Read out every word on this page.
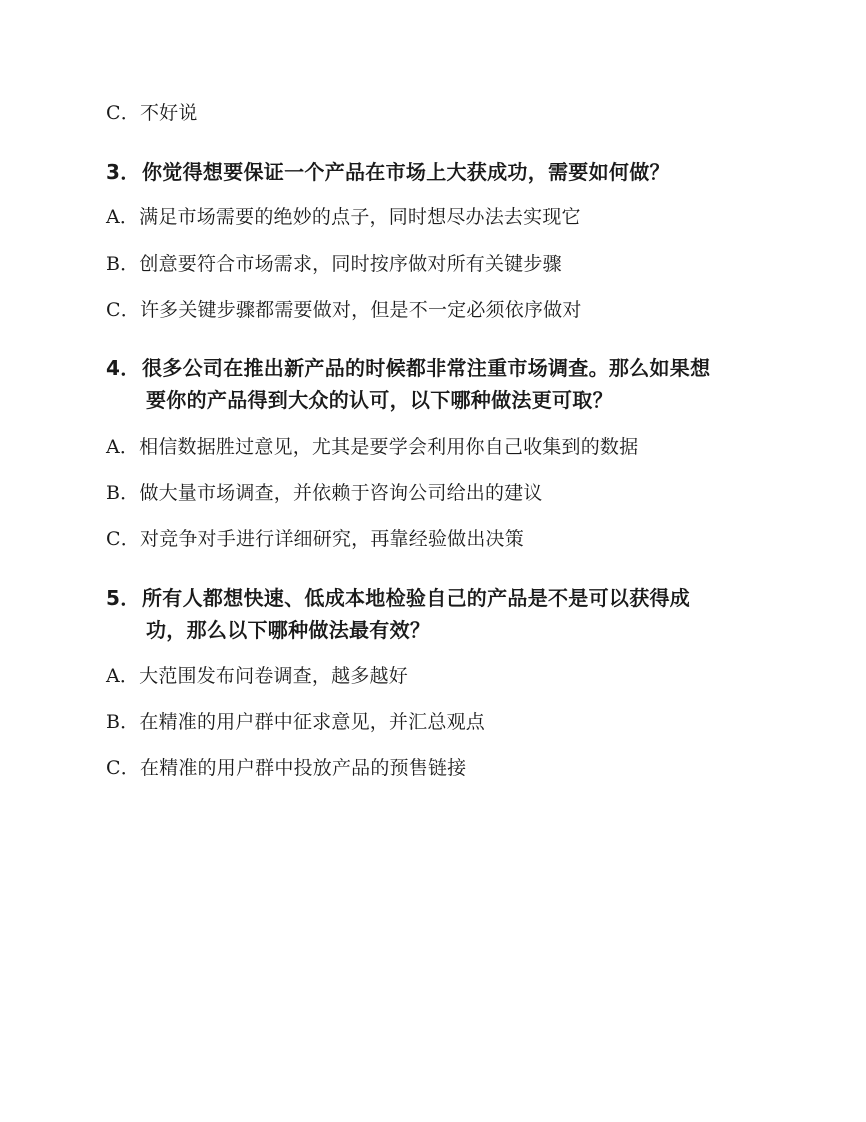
C．不好说
3．你觉得想要保证一个产品在市场上大获成功，需要如何做？
A．满足市场需要的绝妙的点子，同时想尽办法去实现它
B．创意要符合市场需求，同时按序做对所有关键步骤
C．许多关键步骤都需要做对，但是不一定必须依序做对
4．很多公司在推出新产品的时候都非常注重市场调查。那么如果想
要你的产品得到大众的认可，以下哪种做法更可取？
A．相信数据胜过意见，尤其是要学会利用你自己收集到的数据
B．做大量市场调查，并依赖于咨询公司给出的建议
C．对竞争对手进行详细研究，再靠经验做出决策
5．所有人都想快速、低成本地检验自己的产品是不是可以获得成
功，那么以下哪种做法最有效？
A．大范围发布问卷调查，越多越好
B．在精准的用户群中征求意见，并汇总观点
C．在精准的用户群中投放产品的预售链接
